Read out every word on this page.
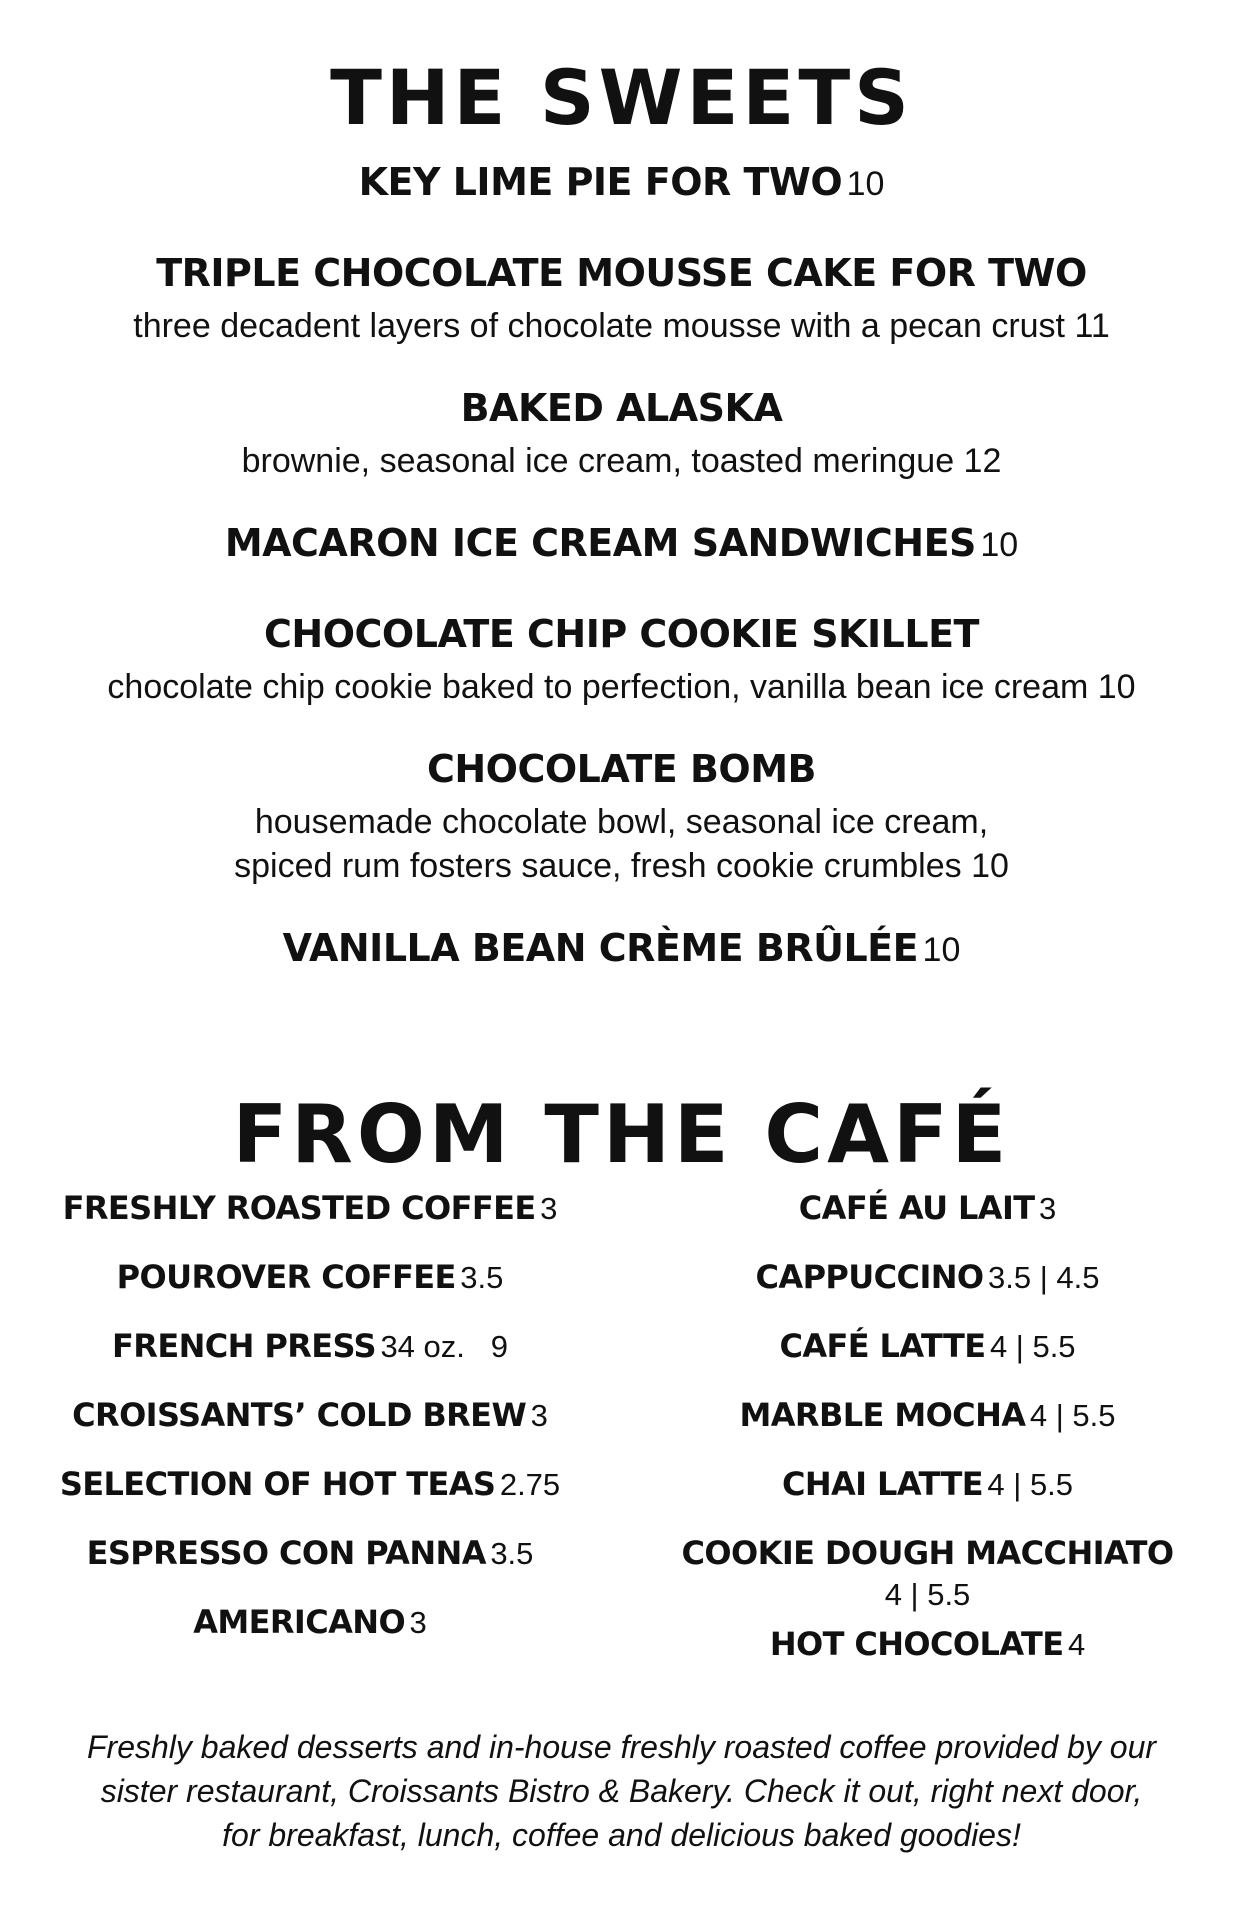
THE SWEETS
KEY LIME PIE FOR TWO 10
TRIPLE CHOCOLATE MOUSSE CAKE FOR TWO
three decadent layers of chocolate mousse with a pecan crust 11
BAKED ALASKA
brownie, seasonal ice cream, toasted meringue 12
MACARON ICE CREAM SANDWICHES 10
CHOCOLATE CHIP COOKIE SKILLET
chocolate chip cookie baked to perfection, vanilla bean ice cream 10
CHOCOLATE BOMB
housemade chocolate bowl, seasonal ice cream,
spiced rum fosters sauce, fresh cookie crumbles 10
VANILLA BEAN CRÈME BRÛLÉE 10
FROM THE CAFÉ
FRESHLY ROASTED COFFEE 3
POUROVER COFFEE 3.5
FRENCH PRESS 34 oz.   9
CROISSANTS’ COLD BREW 3
SELECTION OF HOT TEAS 2.75
ESPRESSO CON PANNA 3.5
AMERICANO 3
CAFÉ AU LAIT 3
CAPPUCCINO 3.5 | 4.5
CAFÉ LATTE 4 | 5.5
MARBLE MOCHA 4 | 5.5
CHAI LATTE 4 | 5.5
COOKIE DOUGH MACCHIATO
4 | 5.5
HOT CHOCOLATE 4
Freshly baked desserts and in-house freshly roasted coffee provided by our
sister restaurant, Croissants Bistro & Bakery. Check it out, right next door,
for breakfast, lunch, coffee and delicious baked goodies!
